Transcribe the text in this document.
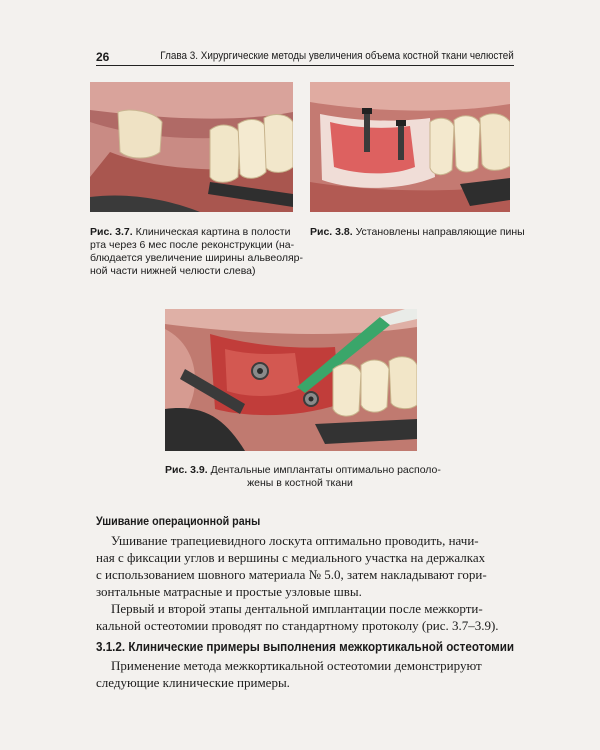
26	Глава 3. Хирургические методы увеличения объема костной ткани челюстей
Рис. 3.7. Клиническая картина в полости
рта через 6 мес после реконструкции (на-
блюдается увеличение ширины альвеоляр-
ной части нижней челюсти слева)
Рис. 3.8. Установлены направляющие пины
Рис. 3.9. Дентальные имплантаты оптимально располо-
жены в костной ткани
Ушивание операционной раны
Ушивание трапециевидного лоскута оптимально проводить, начи-
ная с фиксации углов и вершины с медиального участка на держалках
с использованием шовного материала № 5.0, затем накладывают гори-
зонтальные матрасные и простые узловые швы.
Первый и второй этапы дентальной имплантации после межкорти-
кальной остеотомии проводят по стандартному протоколу (рис. 3.7–3.9).
3.1.2. Клинические примеры выполнения межкортикальной остеотомии
Применение метода межкортикальной остеотомии демонстрируют
следующие клинические примеры.
